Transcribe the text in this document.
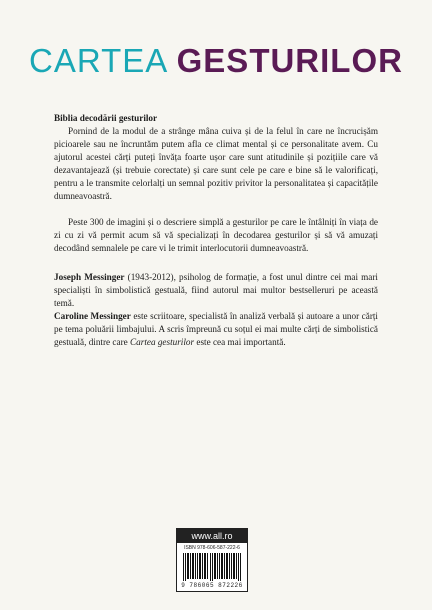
CARTEA GESTURILOR

Biblia decodării gesturilor

Pornind de la modul de a strânge mâna cuiva și de la felul în care ne încrucișăm picioarele sau ne încruntăm putem afla ce climat mental și ce personalitate avem. Cu ajutorul acestei cărți puteți învăța foarte ușor care sunt atitudinile și pozițiile care vă dezavantajează (și trebuie corectate) și care sunt cele pe care e bine să le valorificați, pentru a le transmite celorlalți un semnal pozitiv privitor la personalitatea și capacitățile dumneavoastră.

Peste 300 de imagini și o descriere simplă a gesturilor pe care le întâlniți în viața de zi cu zi vă permit acum să vă specializați în decodarea gesturilor și să vă amuzați decodând semnalele pe care vi le trimit interlocutorii dumneavoastră.

Joseph Messinger (1943-2012), psiholog de formație, a fost unul dintre cei mai mari specialiști în simbolistică gestuală, fiind autorul mai multor bestselleruri pe această temă.

Caroline Messinger este scriitoare, specialistă în analiză verbală și autoare a unor cărți pe tema poluării limbajului. A scris împreună cu soțul ei mai multe cărți de simbolistică gestuală, dintre care Cartea gesturilor este cea mai importantă.

www.all.ro
ISBN 978-606-587-222-6
9 786065 872226
